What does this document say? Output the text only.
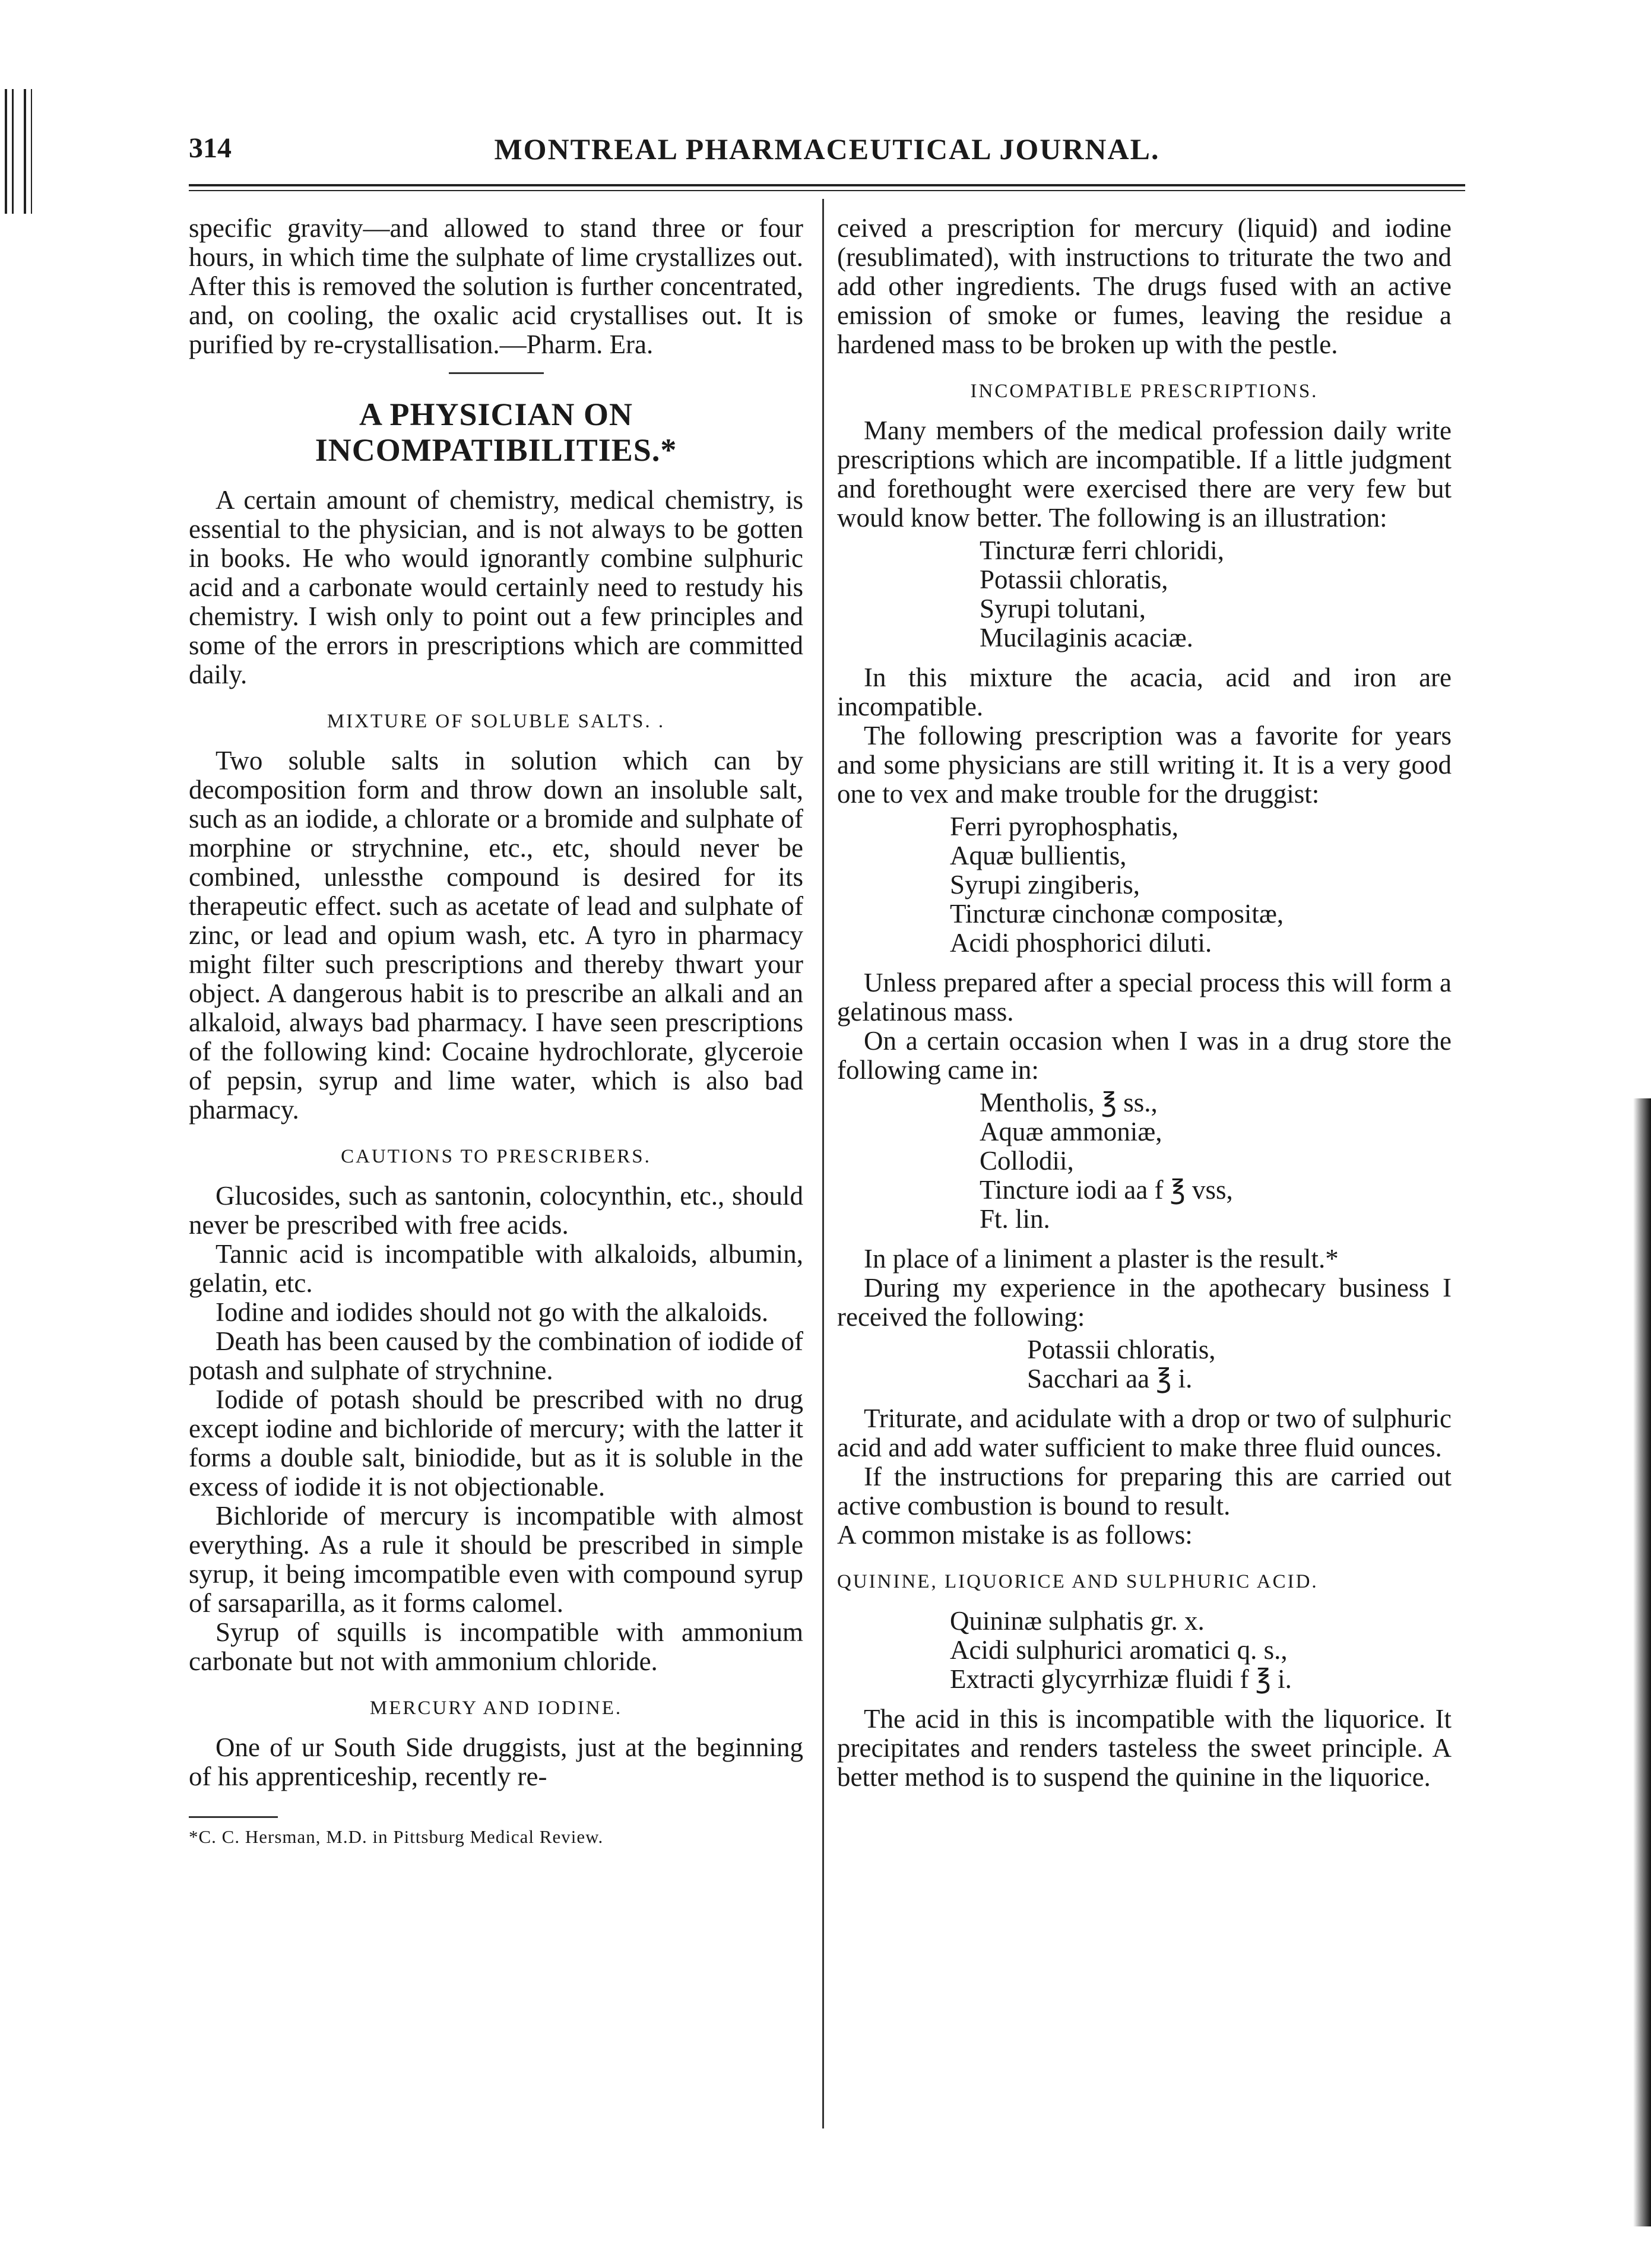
314	MONTREAL PHARMACEUTICAL JOURNAL.

specific gravity—and allowed to stand three or four hours, in which time the sulphate of lime crystallizes out. After this is removed the solution is further concentrated, and, on cooling, the oxalic acid crystallises out. It is purified by re-crystallisation.—Pharm. Era.

A PHYSICIAN ON INCOMPATIBILITIES.*

A certain amount of chemistry, medical chemistry, is essential to the physician, and is not always to be gotten in books. He who would ignorantly combine sulphuric acid and a carbonate would certainly need to restudy his chemistry. I wish only to point out a few principles and some of the errors in prescriptions which are committed daily.

MIXTURE OF SOLUBLE SALTS. .

Two soluble salts in solution which can by decomposition form and throw down an insoluble salt, such as an iodide, a chlorate or a bromide and sulphate of morphine or strychnine, etc., etc, should never be combined, unlessthe compound is desired for its therapeutic effect. such as acetate of lead and sulphate of zinc, or lead and opium wash, etc. A tyro in pharmacy might filter such prescriptions and thereby thwart your object. A dangerous habit is to prescribe an alkali and an alkaloid, always bad pharmacy. I have seen prescriptions of the following kind: Cocaine hydrochlorate, glyceroie of pepsin, syrup and lime water, which is also bad pharmacy.

CAUTIONS TO PRESCRIBERS.

Glucosides, such as santonin, colocynthin, etc., should never be prescribed with free acids.

Tannic acid is incompatible with alkaloids, albumin, gelatin, etc.

Iodine and iodides should not go with the alkaloids.

Death has been caused by the combination of iodide of potash and sulphate of strychnine.

Iodide of potash should be prescribed with no drug except iodine and bichloride of mercury; with the latter it forms a double salt, biniodide, but as it is soluble in the excess of iodide it is not objectionable.

Bichloride of mercury is incompatible with almost everything. As a rule it should be prescribed in simple syrup, it being imcompatible even with compound syrup of sarsaparilla, as it forms calomel.

Syrup of squills is incompatible with ammonium carbonate but not with ammonium chloride.

MERCURY AND IODINE.

One of ur South Side druggists, just at the beginning of his apprenticeship, recently re-

*C. C. Hersman, M.D. in Pittsburg Medical Review.

ceived a prescription for mercury (liquid) and iodine (resublimated), with instructions to triturate the two and add other ingredients. The drugs fused with an active emission of smoke or fumes, leaving the residue a hardened mass to be broken up with the pestle.

INCOMPATIBLE PRESCRIPTIONS.

Many members of the medical profession daily write prescriptions which are incompatible. If a little judgment and forethought were exercised there are very few but would know better. The following is an illustration:

Tincturæ ferri chloridi,
Potassii chloratis,
Syrupi tolutani,
Mucilaginis acaciæ.

In this mixture the acacia, acid and iron are incompatible.

The following prescription was a favorite for years and some physicians are still writing it. It is a very good one to vex and make trouble for the druggist:

Ferri pyrophosphatis,
Aquæ bullientis,
Syrupi zingiberis,
Tincturæ cinchonæ compositæ,
Acidi phosphorici diluti.

Unless prepared after a special process this will form a gelatinous mass.

On a certain occasion when I was in a drug store the following came in:

Mentholis, ℥ ss.,
Aquæ ammoniæ,
Collodii,
Tincture iodi aa f ℥ vss,
Ft. lin.

In place of a liniment a plaster is the result.*

During my experience in the apothecary business I received the following:

Potassii chloratis,
Sacchari aa ℥ i.

Triturate, and acidulate with a drop or two of sulphuric acid and add water sufficient to make three fluid ounces.

If the instructions for preparing this are carried out active combustion is bound to result.

A common mistake is as follows:

QUININE, LIQUORICE AND SULPHURIC ACID.
Quininæ sulphatis gr. x.
Acidi sulphurici aromatici q. s.,
Extracti glycyrrhizæ fluidi f ℥ i.

The acid in this is incompatible with the liquorice. It precipitates and renders tasteless the sweet principle. A better method is to suspend the quinine in the liquorice.
